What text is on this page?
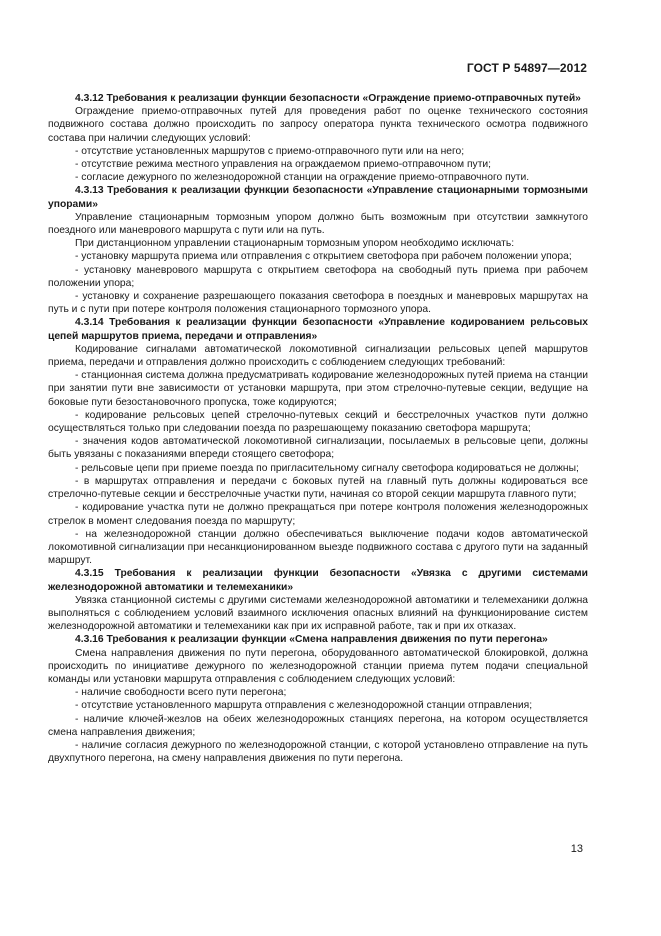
ГОСТ Р 54897—2012

4.3.12 Требования к реализации функции безопасности «Ограждение приемо-отправочных путей»

Ограждение приемо-отправочных путей для проведения работ по оценке технического состояния подвижного состава должно происходить по запросу оператора пункта технического осмотра подвижного состава при наличии следующих условий:

- отсутствие установленных маршрутов с приемо-отправочного пути или на него;

- отсутствие режима местного управления на ограждаемом приемо-отправочном пути;

- согласие дежурного по железнодорожной станции на ограждение приемо-отправочного пути.

4.3.13 Требования к реализации функции безопасности «Управление стационарными тормозными упорами»

Управление стационарным тормозным упором должно быть возможным при отсутствии замкнутого поездного или маневрового маршрута с пути или на путь.

При дистанционном управлении стационарным тормозным упором необходимо исключать:

- установку маршрута приема или отправления с открытием светофора при рабочем положении упора;

- установку маневрового маршрута с открытием светофора на свободный путь приема при рабочем положении упора;

- установку и сохранение разрешающего показания светофора в поездных и маневровых маршрутах на путь и с пути при потере контроля положения стационарного тормозного упора.

4.3.14 Требования к реализации функции безопасности «Управление кодированием рельсовых цепей маршрутов приема, передачи и отправления»

Кодирование сигналами автоматической локомотивной сигнализации рельсовых цепей маршрутов приема, передачи и отправления должно происходить с соблюдением следующих требований:

- станционная система должна предусматривать кодирование железнодорожных путей приема на станции при занятии пути вне зависимости от установки маршрута, при этом стрелочно-путевые секции, ведущие на боковые пути безостановочного пропуска, тоже кодируются;

- кодирование рельсовых цепей стрелочно-путевых секций и бесстрелочных участков пути должно осуществляться только при следовании поезда по разрешающему показанию светофора маршрута;

- значения кодов автоматической локомотивной сигнализации, посылаемых в рельсовые цепи, должны быть увязаны с показаниями впереди стоящего светофора;

- рельсовые цепи при приеме поезда по пригласительному сигналу светофора кодироваться не должны;

- в маршрутах отправления и передачи с боковых путей на главный путь должны кодироваться все стрелочно-путевые секции и бесстрелочные участки пути, начиная со второй секции маршрута главного пути;

- кодирование участка пути не должно прекращаться при потере контроля положения железнодорожных стрелок в момент следования поезда по маршруту;

- на железнодорожной станции должно обеспечиваться выключение подачи кодов автоматической локомотивной сигнализации при несанкционированном выезде подвижного состава с другого пути на заданный маршрут.

4.3.15 Требования к реализации функции безопасности «Увязка с другими системами железнодорожной автоматики и телемеханики»

Увязка станционной системы с другими системами железнодорожной автоматики и телемеханики должна выполняться с соблюдением условий взаимного исключения опасных влияний на функционирование систем железнодорожной автоматики и телемеханики как при их исправной работе, так и при их отказах.

4.3.16 Требования к реализации функции «Смена направления движения по пути перегона»

Смена направления движения по пути перегона, оборудованного автоматической блокировкой, должна происходить по инициативе дежурного по железнодорожной станции приема путем подачи специальной команды или установки маршрута отправления с соблюдением следующих условий:

- наличие свободности всего пути перегона;

- отсутствие установленного маршрута отправления с железнодорожной станции отправления;

- наличие ключей-жезлов на обеих железнодорожных станциях перегона, на котором осуществляется смена направления движения;

- наличие согласия дежурного по железнодорожной станции, с которой установлено отправление на путь двухпутного перегона, на смену направления движения по пути перегона.

13
